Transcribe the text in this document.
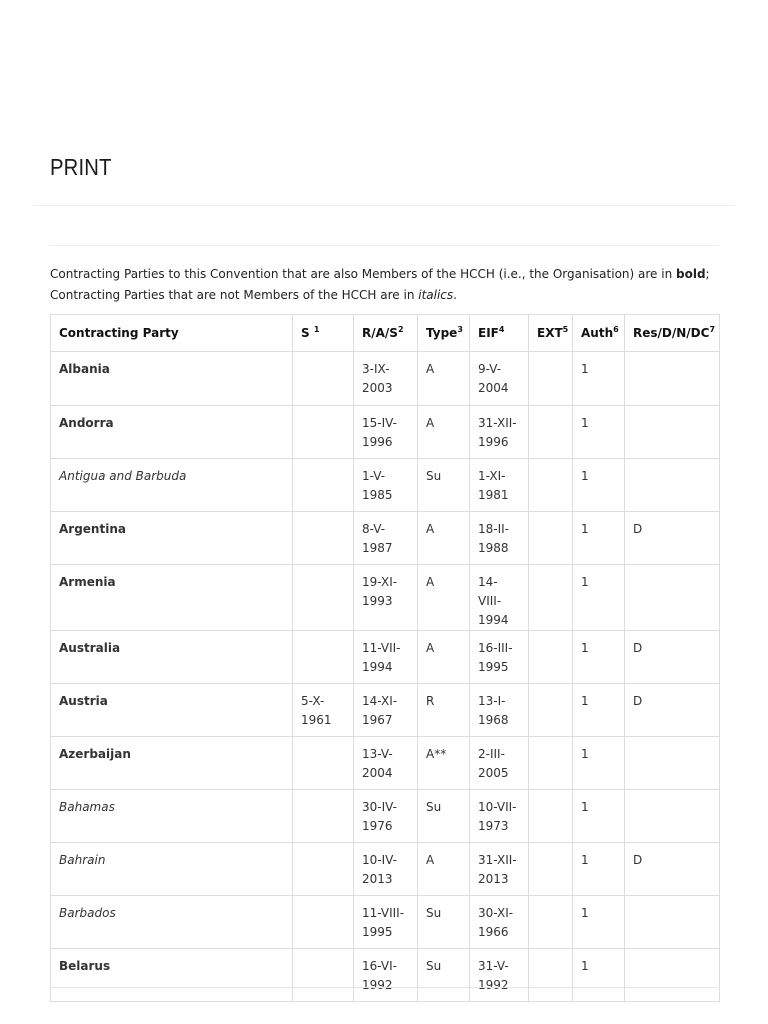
PRINT

Contracting Parties to this Convention that are also Members of the HCCH (i.e., the Organisation) are in bold; Contracting Parties that are not Members of the HCCH are in italics.

Contracting Party	S $^1$	$R/A/S^2$	Type$^3$	EIF$^4$	EXT$^5$	Auth$^6$	Res/$D/N/DC^7$
Albania		3-IX-2003	A	9-V-2004		1	
Andorra		15-IV-1996	A	31-XII-1996		1	
Antigua and Barbuda		1-V-1985	Su	1-XI-1981		1	
Argentina		8-V-1987	A	18-II-1988		1	D
Armenia		19-XI-1993	A	14-VIII-1994		1	
Australia		11-VII-1994	A	16-III-1995		1	D
Austria	5-X-1961	14-XI-1967	R	13-I-1968		1	D
Azerbaijan		13-V-2004	A**	2-III-2005		1	
Bahamas		30-IV-1976	Su	10-VII-1973		1	
Bahrain		10-IV-2013	A	31-XII-2013		1	D
Barbados		11-VIII-1995	Su	30-XI-1966		1	
Belarus		16-VI-1992	Su	31-V-1992		1	
